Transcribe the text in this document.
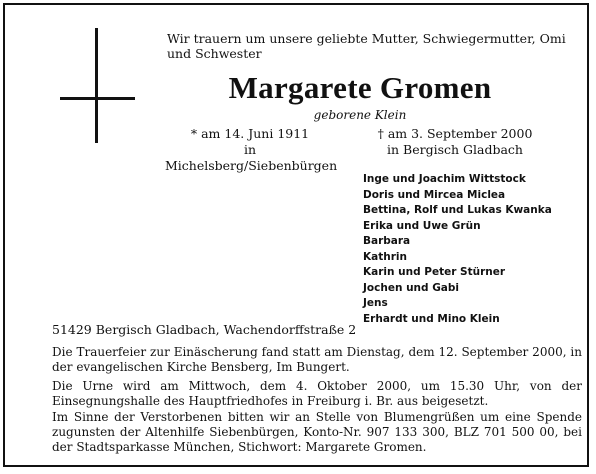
Wir trauern um unsere geliebte Mutter, Schwiegermutter, Omi und Schwester
Margarete Gromen
geborene Klein
* am 14. Juni 1911
in Michelsberg/Siebenbürgen
† am 3. September 2000
in Bergisch Gladbach
Inge und Joachim Wittstock
Doris und Mircea Miclea
Bettina, Rolf und Lukas Kwanka
Erika und Uwe Grün
Barbara
Kathrin
Karin und Peter Stürner
Jochen und Gabi
Jens
Erhardt und Mino Klein
51429 Bergisch Gladbach, Wachendorffstraße 2
Die Trauerfeier zur Einäscherung fand statt am Dienstag, dem 12. September 2000, in der evangelischen Kirche Bensberg, Im Bungert.
Die Urne wird am Mittwoch, dem 4. Oktober 2000, um 15.30 Uhr, von der Einsegnungshalle des Hauptfriedhofes in Freiburg i. Br. aus beigesetzt.
Im Sinne der Verstorbenen bitten wir an Stelle von Blumengrüßen um eine Spende zugunsten der Altenhilfe Siebenbürgen, Konto-Nr. 907 133 300, BLZ 701 500 00, bei der Stadtsparkasse München, Stichwort: Margarete Gromen.
